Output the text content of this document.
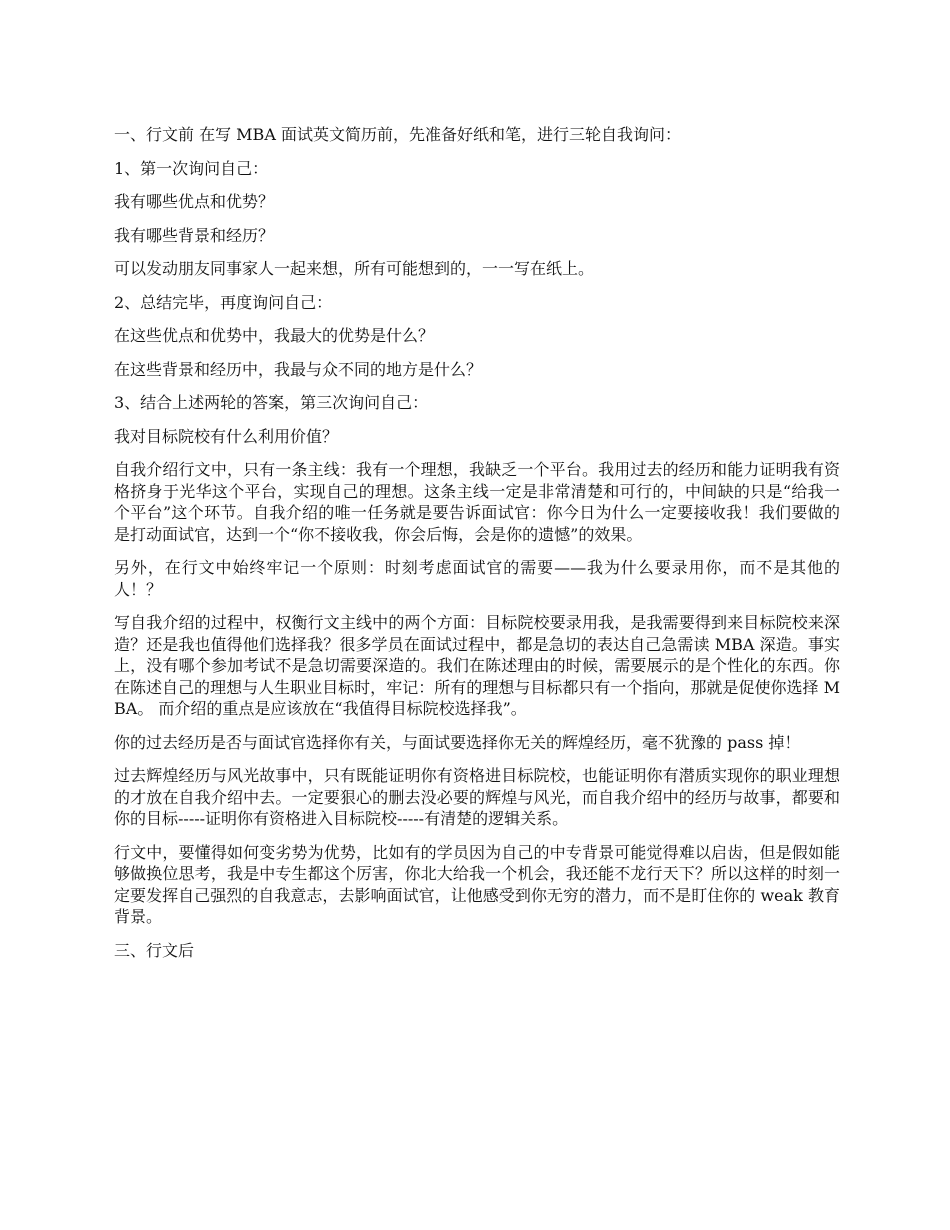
一、行文前 在写 MBA 面试英文简历前，先准备好纸和笔，进行三轮自我询问：

1、第一次询问自己：

我有哪些优点和优势？

我有哪些背景和经历？

可以发动朋友同事家人一起来想，所有可能想到的，一一写在纸上。

2、总结完毕，再度询问自己：

在这些优点和优势中，我最大的优势是什么？

在这些背景和经历中，我最与众不同的地方是什么？

3、结合上述两轮的答案，第三次询问自己：

我对目标院校有什么利用价值？

自我介绍行文中，只有一条主线：我有一个理想，我缺乏一个平台。我用过去的经历和能力证明我有资格挤身于光华这个平台，实现自己的理想。这条主线一定是非常清楚和可行的，中间缺的只是“给我一个平台”这个环节。自我介绍的唯一任务就是要告诉面试官：你今日为什么一定要接收我！我们要做的是打动面试官，达到一个“你不接收我，你会后悔，会是你的遗憾”的效果。

另外，在行文中始终牢记一个原则：时刻考虑面试官的需要——我为什么要录用你，而不是其他的人！？

写自我介绍的过程中，权衡行文主线中的两个方面：目标院校要录用我，是我需要得到来目标院校来深造？还是我也值得他们选择我？很多学员在面试过程中，都是急切的表达自己急需读 MBA 深造。事实上，没有哪个参加考试不是急切需要深造的。我们在陈述理由的时候，需要展示的是个性化的东西。你在陈述自己的理想与人生职业目标时，牢记：所有的理想与目标都只有一个指向，那就是促使你选择 MBA。 而介绍的重点是应该放在“我值得目标院校选择我”。

你的过去经历是否与面试官选择你有关，与面试要选择你无关的辉煌经历，毫不犹豫的 pass 掉！

过去辉煌经历与风光故事中，只有既能证明你有资格进目标院校，也能证明你有潜质实现你的职业理想的才放在自我介绍中去。一定要狠心的删去没必要的辉煌与风光，而自我介绍中的经历与故事，都要和你的目标-----证明你有资格进入目标院校-----有清楚的逻辑关系。

行文中，要懂得如何变劣势为优势，比如有的学员因为自己的中专背景可能觉得难以启齿，但是假如能够做换位思考，我是中专生都这个厉害，你北大给我一个机会，我还能不龙行天下？所以这样的时刻一定要发挥自己强烈的自我意志，去影响面试官，让他感受到你无穷的潜力，而不是盯住你的 weak 教育背景。

三、行文后
